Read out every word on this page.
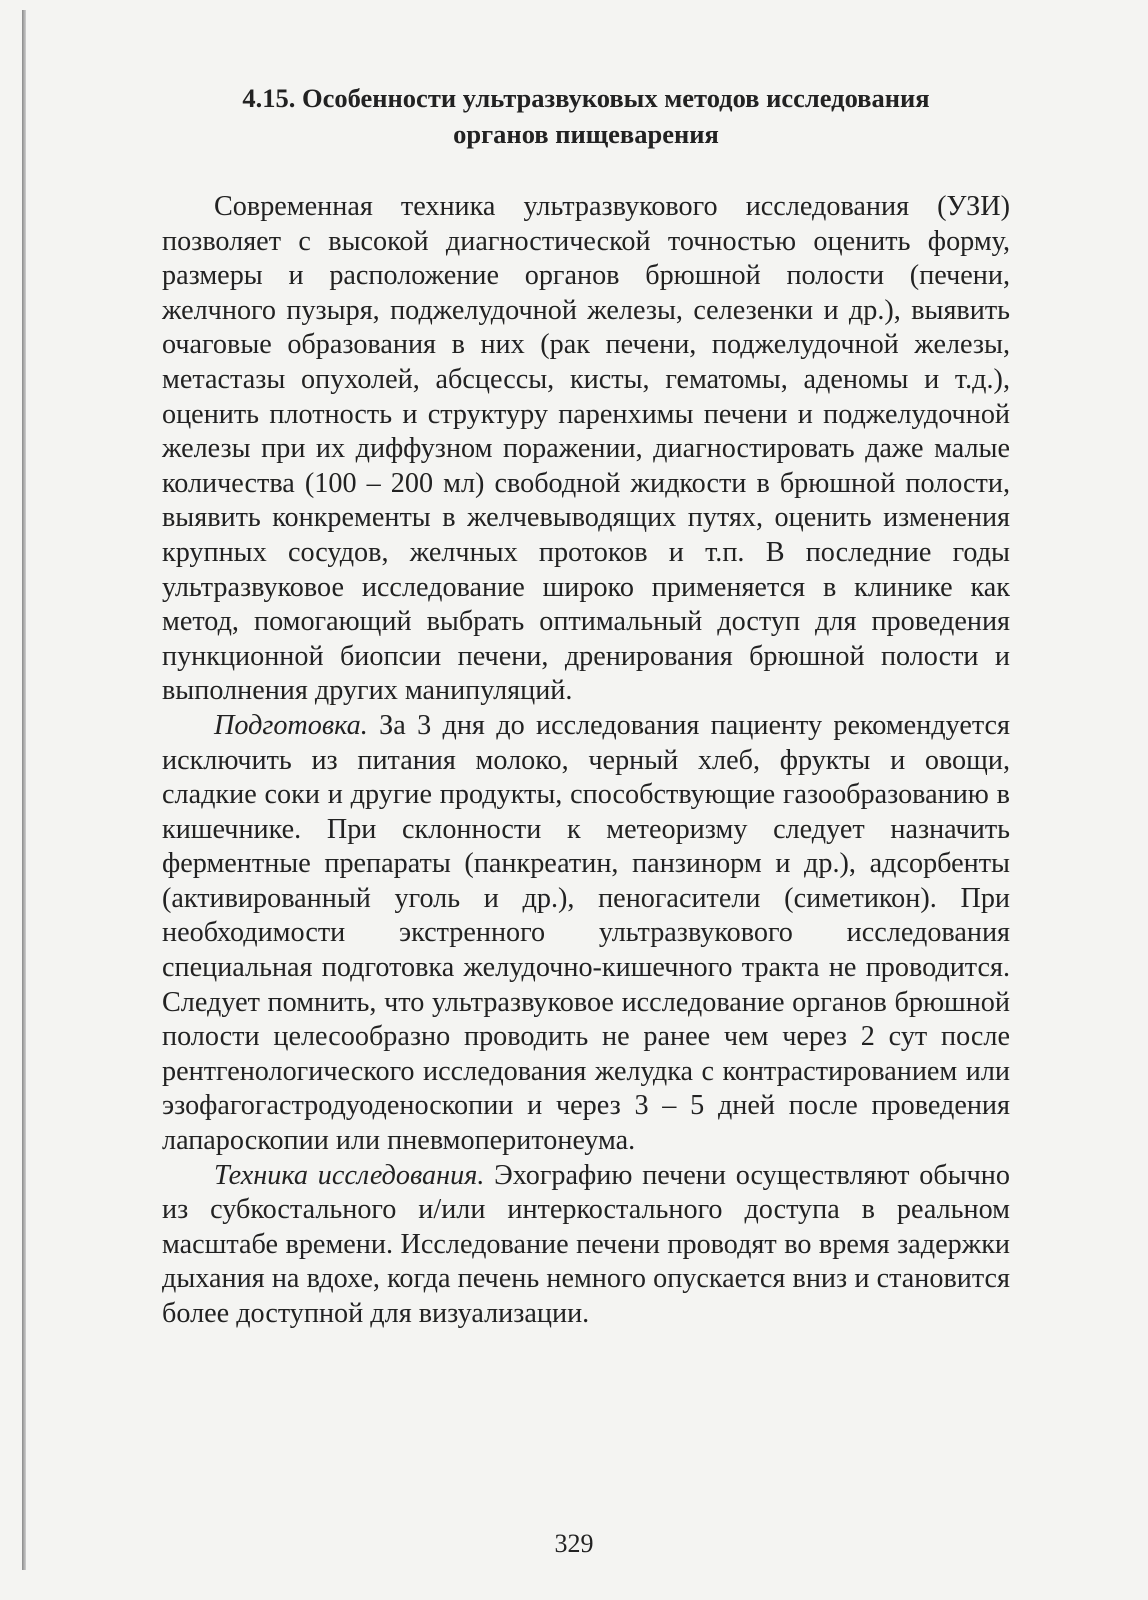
4.15. Особенности ультразвуковых методов исследования
органов пищеварения

Современная техника ультразвукового исследования (УЗИ) позволяет с высокой диагностической точностью оценить форму, размеры и расположение органов брюшной полости (печени, желчного пузыря, поджелудочной железы, селезенки и др.), выявить очаговые образования в них (рак печени, поджелудочной железы, метастазы опухолей, абсцессы, кисты, гематомы, аденомы и т.д.), оценить плотность и структуру паренхимы печени и поджелудочной железы при их диффузном поражении, диагностировать даже малые количества (100 – 200 мл) свободной жидкости в брюшной полости, выявить конкременты в желчевыводящих путях, оценить изменения крупных сосудов, желчных протоков и т.п. В последние годы ультразвуковое исследование широко применяется в клинике как метод, помогающий выбрать оптимальный доступ для проведения пункционной биопсии печени, дренирования брюшной полости и выполнения других манипуляций.

Подготовка. За 3 дня до исследования пациенту рекомендуется исключить из питания молоко, черный хлеб, фрукты и овощи, сладкие соки и другие продукты, способствующие газообразованию в кишечнике. При склонности к метеоризму следует назначить ферментные препараты (панкреатин, панзинорм и др.), адсорбенты (активированный уголь и др.), пеногасители (симетикон). При необходимости экстренного ультразвукового исследования специальная подготовка желудочно-кишечного тракта не проводится. Следует помнить, что ультразвуковое исследование органов брюшной полости целесообразно проводить не ранее чем через 2 сут после рентгенологического исследования желудка с контрастированием или эзофагогастродуоденоскопии и через 3 – 5 дней после проведения лапароскопии или пневмоперитонеума.

Техника исследования. Эхографию печени осуществляют обычно из субкостального и/или интеркостального доступа в реальном масштабе времени. Исследование печени проводят во время задержки дыхания на вдохе, когда печень немного опускается вниз и становится более доступной для визуализации.

329
